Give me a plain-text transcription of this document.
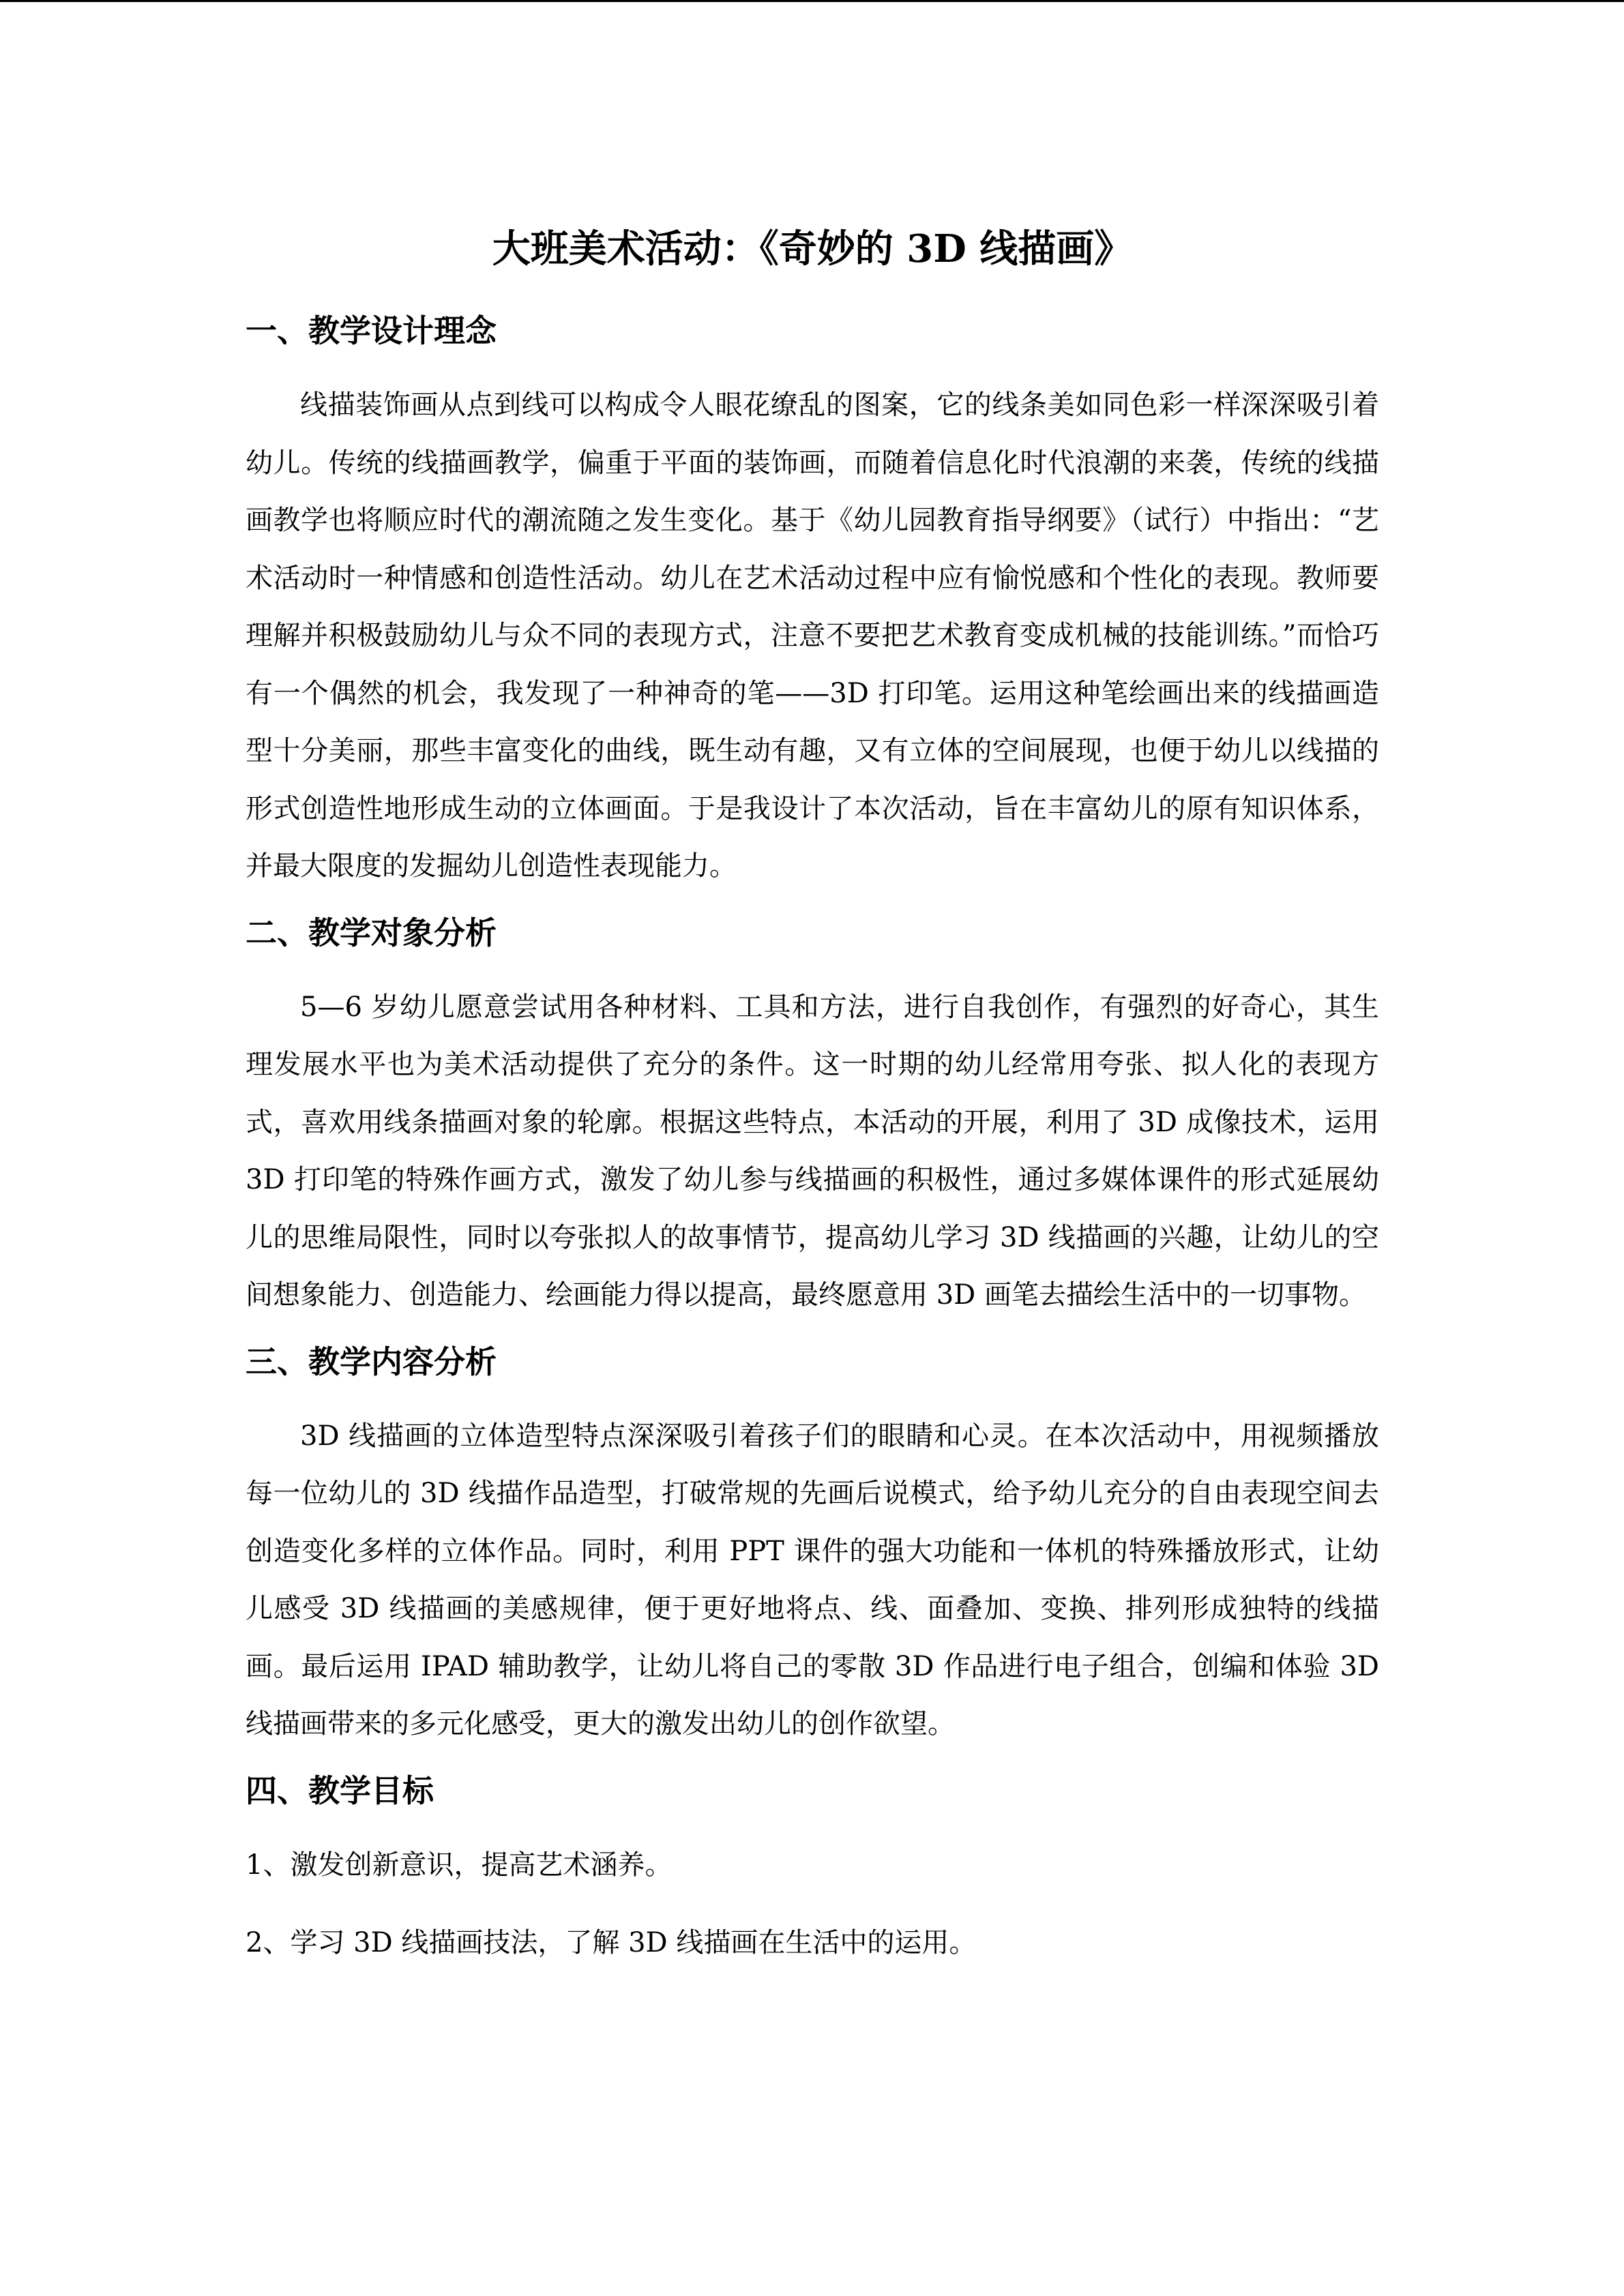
大班美术活动：《奇妙的 3D 线描画》
一、教学设计理念

线描装饰画从点到线可以构成令人眼花缭乱的图案，它的线条美如同色彩一样深深吸引着幼儿。传统的线描画教学，偏重于平面的装饰画，而随着信息化时代浪潮的来袭，传统的线描画教学也将顺应时代的潮流随之发生变化。基于《幼儿园教育指导纲要》（试行）中指出：“艺术活动时一种情感和创造性活动。幼儿在艺术活动过程中应有愉悦感和个性化的表现。教师要理解并积极鼓励幼儿与众不同的表现方式，注意不要把艺术教育变成机械的技能训练。”而恰巧有一个偶然的机会，我发现了一种神奇的笔——3D 打印笔。运用这种笔绘画出来的线描画造型十分美丽，那些丰富变化的曲线，既生动有趣，又有立体的空间展现，也便于幼儿以线描的形式创造性地形成生动的立体画面。于是我设计了本次活动，旨在丰富幼儿的原有知识体系，并最大限度的发掘幼儿创造性表现能力。

二、教学对象分析

5—6 岁幼儿愿意尝试用各种材料、工具和方法，进行自我创作，有强烈的好奇心，其生理发展水平也为美术活动提供了充分的条件。这一时期的幼儿经常用夸张、拟人化的表现方式，喜欢用线条描画对象的轮廓。根据这些特点，本活动的开展，利用了 3D 成像技术，运用 3D 打印笔的特殊作画方式，激发了幼儿参与线描画的积极性，通过多媒体课件的形式延展幼儿的思维局限性，同时以夸张拟人的故事情节，提高幼儿学习 3D 线描画的兴趣，让幼儿的空间想象能力、创造能力、绘画能力得以提高，最终愿意用 3D 画笔去描绘生活中的一切事物。

三、教学内容分析

3D 线描画的立体造型特点深深吸引着孩子们的眼睛和心灵。在本次活动中，用视频播放每一位幼儿的 3D 线描作品造型，打破常规的先画后说模式，给予幼儿充分的自由表现空间去创造变化多样的立体作品。同时，利用 PPT 课件的强大功能和一体机的特殊播放形式，让幼儿感受 3D 线描画的美感规律，便于更好地将点、线、面叠加、变换、排列形成独特的线描画。最后运用 IPAD 辅助教学，让幼儿将自己的零散 3D 作品进行电子组合，创编和体验 3D 线描画带来的多元化感受，更大的激发出幼儿的创作欲望。

四、教学目标
1、激发创新意识，提高艺术涵养。
2、学习 3D 线描画技法，了解 3D 线描画在生活中的运用。
